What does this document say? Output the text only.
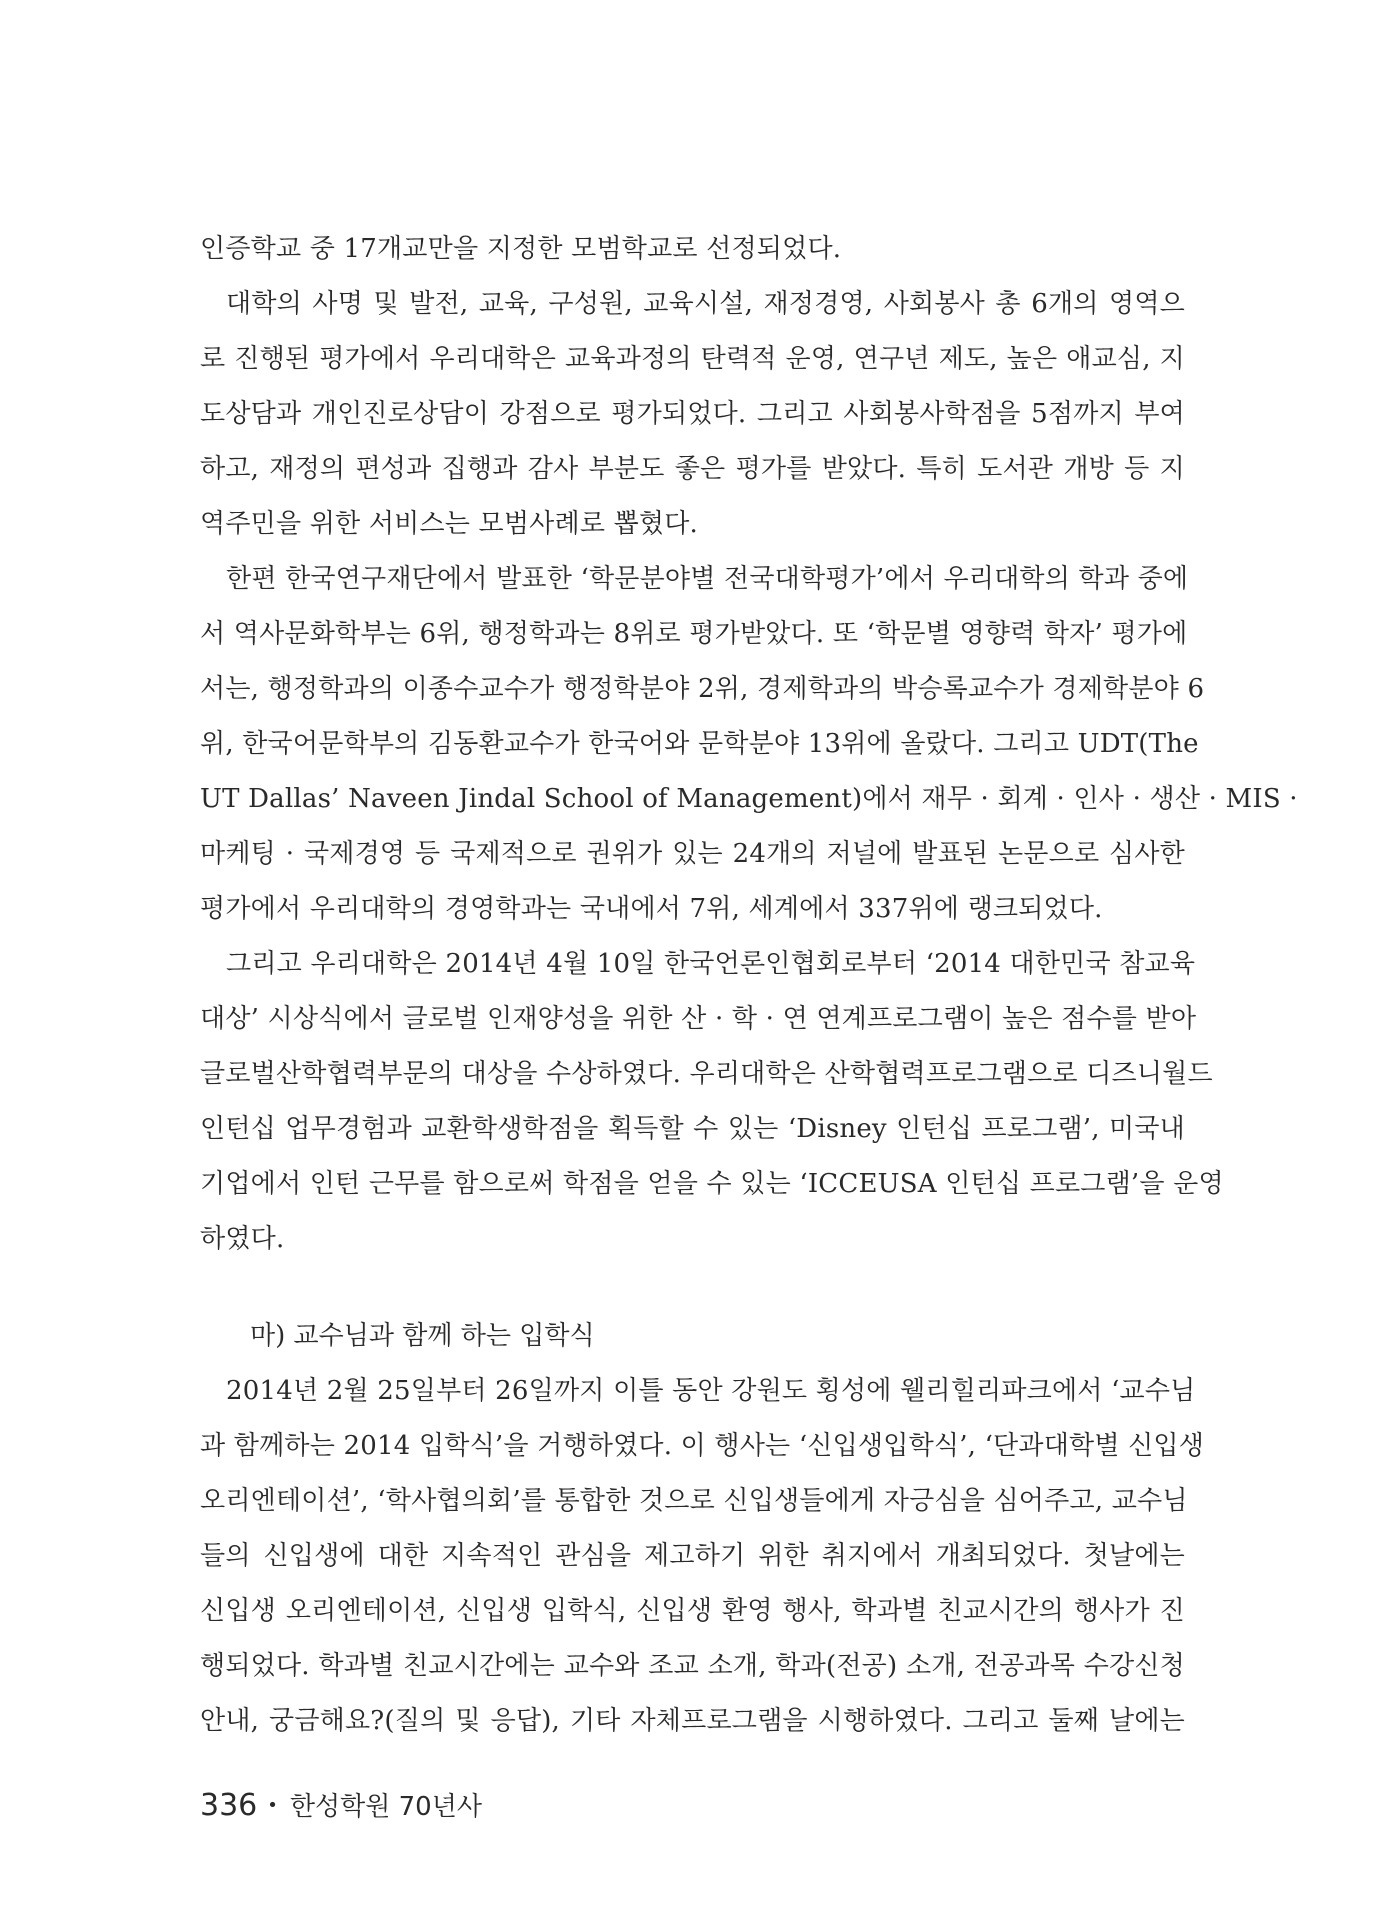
인증학교 중 17개교만을 지정한 모범학교로 선정되었다.
대학의 사명 및 발전, 교육, 구성원, 교육시설, 재정경영, 사회봉사 총 6개의 영역으
로 진행된 평가에서 우리대학은 교육과정의 탄력적 운영, 연구년 제도, 높은 애교심, 지
도상담과 개인진로상담이 강점으로 평가되었다. 그리고 사회봉사학점을 5점까지 부여
하고, 재정의 편성과 집행과 감사 부분도 좋은 평가를 받았다. 특히 도서관 개방 등 지
역주민을 위한 서비스는 모범사례로 뽑혔다.
한편 한국연구재단에서 발표한 ‘학문분야별 전국대학평가’에서 우리대학의 학과 중에
서 역사문화학부는 6위, 행정학과는 8위로 평가받았다. 또 ‘학문별 영향력 학자’ 평가에
서는, 행정학과의 이종수교수가 행정학분야 2위, 경제학과의 박승록교수가 경제학분야 6
위, 한국어문학부의 김동환교수가 한국어와 문학분야 13위에 올랐다. 그리고 UDT(The
UT Dallas’ Naveen Jindal School of Management)에서 재무 · 회계 · 인사 · 생산 · MIS ·
마케팅 · 국제경영 등 국제적으로 권위가 있는 24개의 저널에 발표된 논문으로 심사한
평가에서 우리대학의 경영학과는 국내에서 7위, 세계에서 337위에 랭크되었다.
그리고 우리대학은 2014년 4월 10일 한국언론인협회로부터 ‘2014 대한민국 참교육
대상’ 시상식에서 글로벌 인재양성을 위한 산 · 학 · 연 연계프로그램이 높은 점수를 받아
글로벌산학협력부문의 대상을 수상하였다. 우리대학은 산학협력프로그램으로 디즈니월드
인턴십 업무경험과 교환학생학점을 획득할 수 있는 ‘Disney 인턴십 프로그램’, 미국내
기업에서 인턴 근무를 함으로써 학점을 얻을 수 있는 ‘ICCEUSA 인턴십 프로그램’을 운영
하였다.
마) 교수님과 함께 하는 입학식
2014년 2월 25일부터 26일까지 이틀 동안 강원도 횡성에 웰리힐리파크에서 ‘교수님
과 함께하는 2014 입학식’을 거행하였다. 이 행사는 ‘신입생입학식’, ‘단과대학별 신입생
오리엔테이션’, ‘학사협의회’를 통합한 것으로 신입생들에게 자긍심을 심어주고, 교수님
들의 신입생에 대한 지속적인 관심을 제고하기 위한 취지에서 개최되었다. 첫날에는
신입생 오리엔테이션, 신입생 입학식, 신입생 환영 행사, 학과별 친교시간의 행사가 진
행되었다. 학과별 친교시간에는 교수와 조교 소개, 학과(전공) 소개, 전공과목 수강신청
안내, 궁금해요?(질의 및 응답), 기타 자체프로그램을 시행하였다. 그리고 둘째 날에는
336 • 한성학원 70년사
